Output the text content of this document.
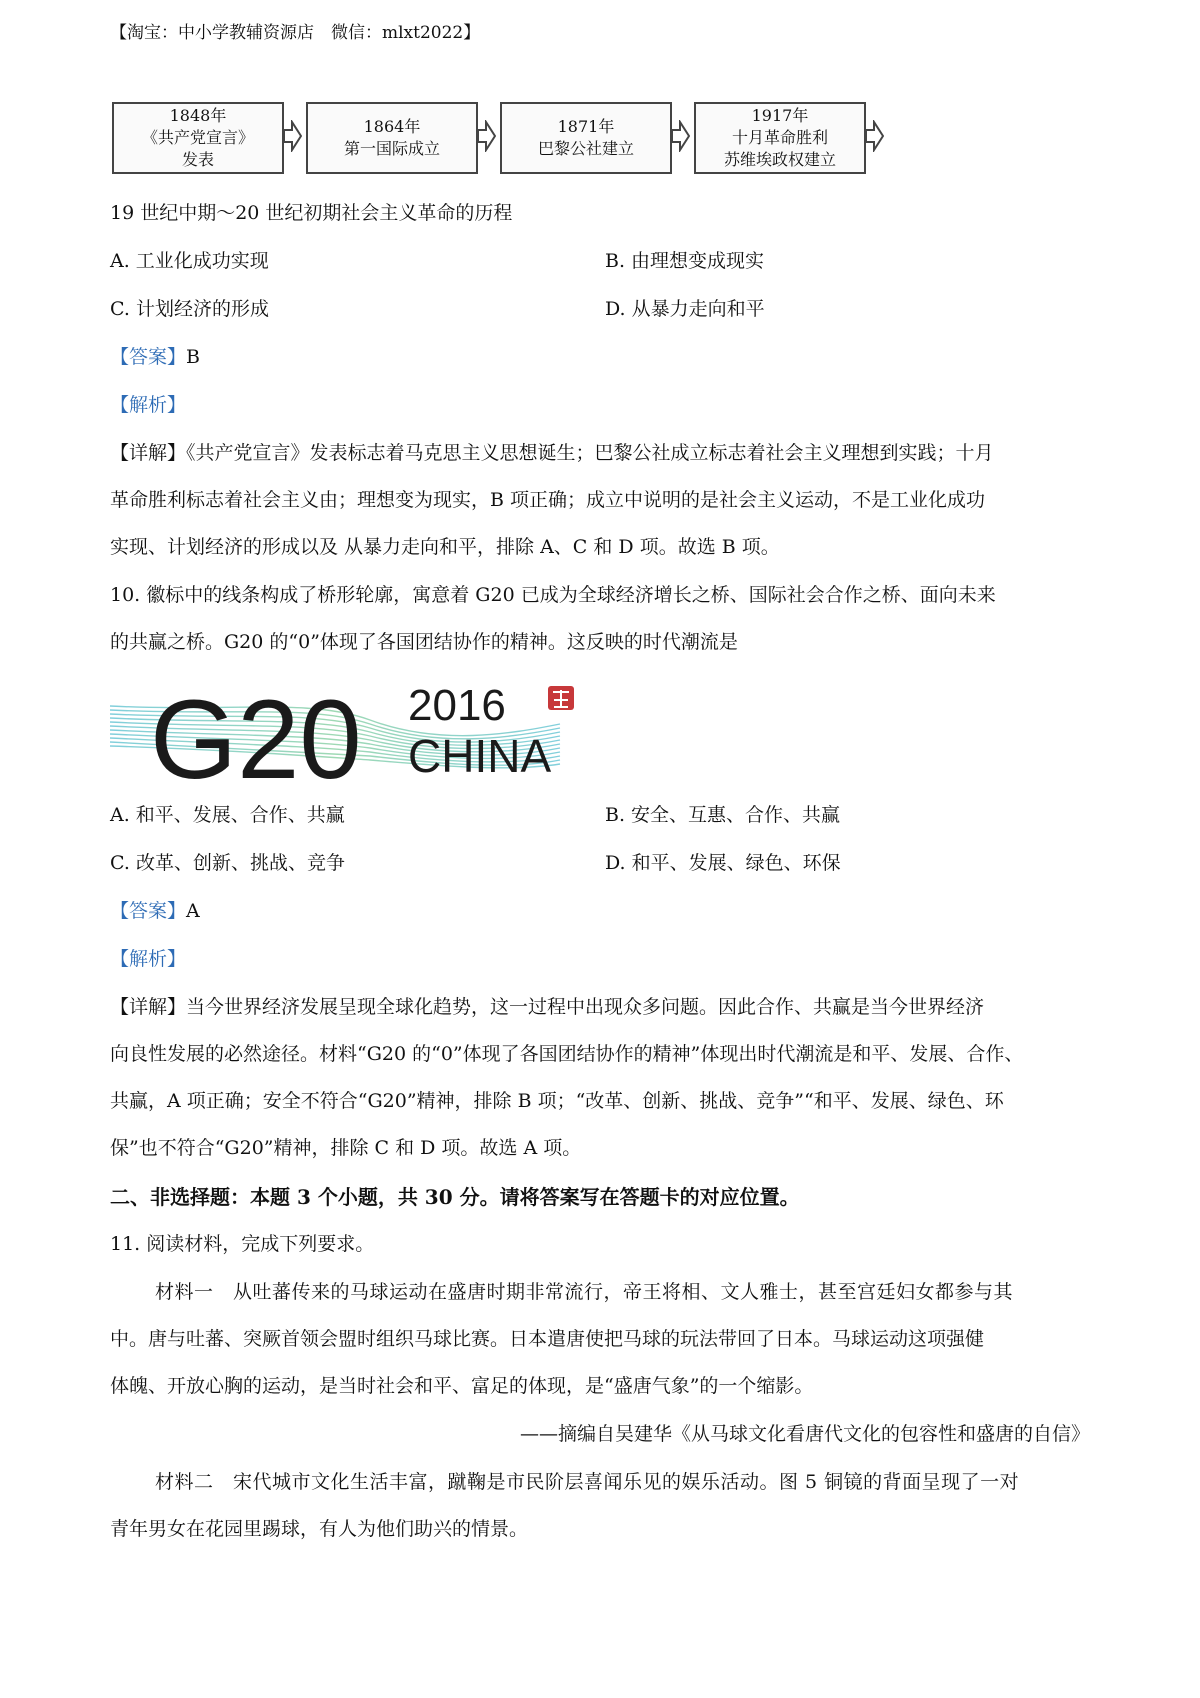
【淘宝：中小学教辅资源店　微信：mlxt2022】
1848年
《共产党宣言》
发表
1864年
第一国际成立
1871年
巴黎公社建立
1917年
十月革命胜利
苏维埃政权建立
19 世纪中期～20 世纪初期社会主义革命的历程
A. 工业化成功实现	B. 由理想变成现实
C. 计划经济的形成	D. 从暴力走向和平
【答案】B
【解析】
【详解】《共产党宣言》发表标志着马克思主义思想诞生；巴黎公社成立标志着社会主义理想到实践；十月
革命胜利标志着社会主义由；理想变为现实，B 项正确；成立中说明的是社会主义运动，不是工业化成功
实现、计划经济的形成以及 从暴力走向和平，排除 A、C 和 D 项。故选 B 项。
10. 徽标中的线条构成了桥形轮廓，寓意着 G20 已成为全球经济增长之桥、国际社会合作之桥、面向未来
的共赢之桥。G20 的“0”体现了各国团结协作的精神。这反映的时代潮流是
G20 2016
CHINA
A. 和平、发展、合作、共赢	B. 安全、互惠、合作、共赢
C. 改革、创新、挑战、竞争	D. 和平、发展、绿色、环保
【答案】A
【解析】
【详解】当今世界经济发展呈现全球化趋势，这一过程中出现众多问题。因此合作、共赢是当今世界经济
向良性发展的必然途径。材料“G20 的“0”体现了各国团结协作的精神”体现出时代潮流是和平、发展、合作、
共赢，A 项正确；安全不符合“G20”精神，排除 B 项；“改革、创新、挑战、竞争”“和平、发展、绿色、环
保”也不符合“G20”精神，排除 C 和 D 项。故选 A 项。
二、非选择题：本题 3 个小题，共 30 分。请将答案写在答题卡的对应位置。
11. 阅读材料，完成下列要求。
材料一　从吐蕃传来的马球运动在盛唐时期非常流行，帝王将相、文人雅士，甚至宫廷妇女都参与其
中。唐与吐蕃、突厥首领会盟时组织马球比赛。日本遣唐使把马球的玩法带回了日本。马球运动这项强健
体魄、开放心胸的运动，是当时社会和平、富足的体现，是“盛唐气象”的一个缩影。
——摘编自吴建华《从马球文化看唐代文化的包容性和盛唐的自信》
材料二　宋代城市文化生活丰富，蹴鞠是市民阶层喜闻乐见的娱乐活动。图 5 铜镜的背面呈现了一对
青年男女在花园里踢球，有人为他们助兴的情景。
